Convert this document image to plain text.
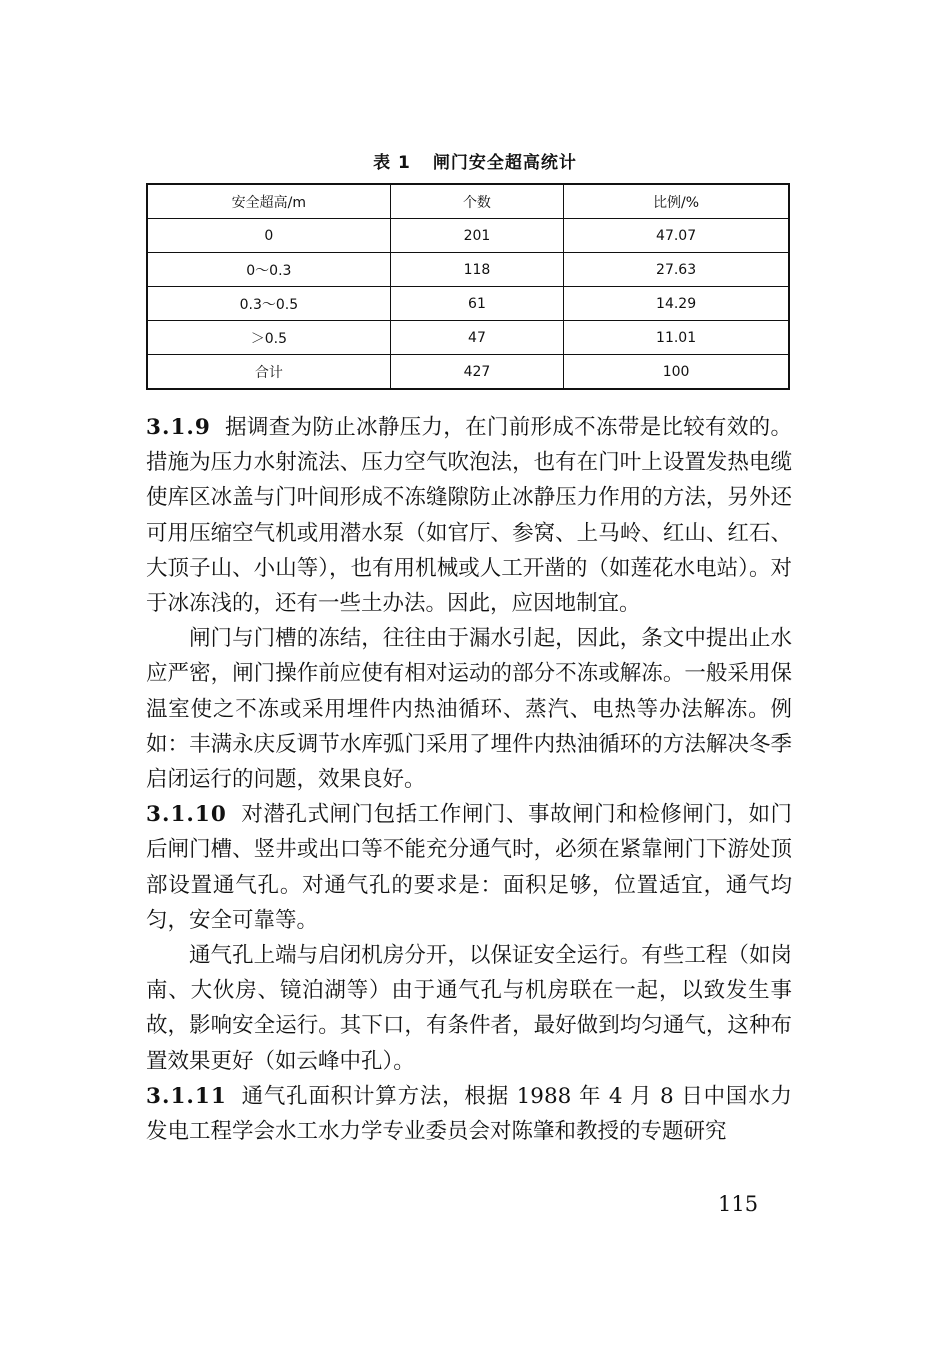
表 1 闸门安全超高统计
安全超高/m	个数	比例/%
0	201	47.07
0～0.3	118	27.63
0.3～0.5	61	14.29
＞0.5	47	11.01
合计	427	100

3.1.9 据调查为防止冰静压力，在门前形成不冻带是比较有效的。措施为压力水射流法、压力空气吹泡法，也有在门叶上设置发热电缆使库区冰盖与门叶间形成不冻缝隙防止冰静压力作用的方法，另外还可用压缩空气机或用潜水泵（如官厅、参窝、上马岭、红山、红石、大顶子山、小山等），也有用机械或人工开凿的（如莲花水电站）。对于冰冻浅的，还有一些土办法。因此，应因地制宜。

闸门与门槽的冻结，往往由于漏水引起，因此，条文中提出止水应严密，闸门操作前应使有相对运动的部分不冻或解冻。一般采用保温室使之不冻或采用埋件内热油循环、蒸汽、电热等办法解冻。例如：丰满永庆反调节水库弧门采用了埋件内热油循环的方法解决冬季启闭运行的问题，效果良好。

3.1.10 对潜孔式闸门包括工作闸门、事故闸门和检修闸门，如门后闸门槽、竖井或出口等不能充分通气时，必须在紧靠闸门下游处顶部设置通气孔。对通气孔的要求是：面积足够，位置适宜，通气均匀，安全可靠等。

通气孔上端与启闭机房分开，以保证安全运行。有些工程（如岗南、大伙房、镜泊湖等）由于通气孔与机房联在一起，以致发生事故，影响安全运行。其下口，有条件者，最好做到均匀通气，这种布置效果更好（如云峰中孔）。

3.1.11 通气孔面积计算方法，根据 1988 年 4 月 8 日中国水力发电工程学会水工水力学专业委员会对陈肇和教授的专题研究

115
